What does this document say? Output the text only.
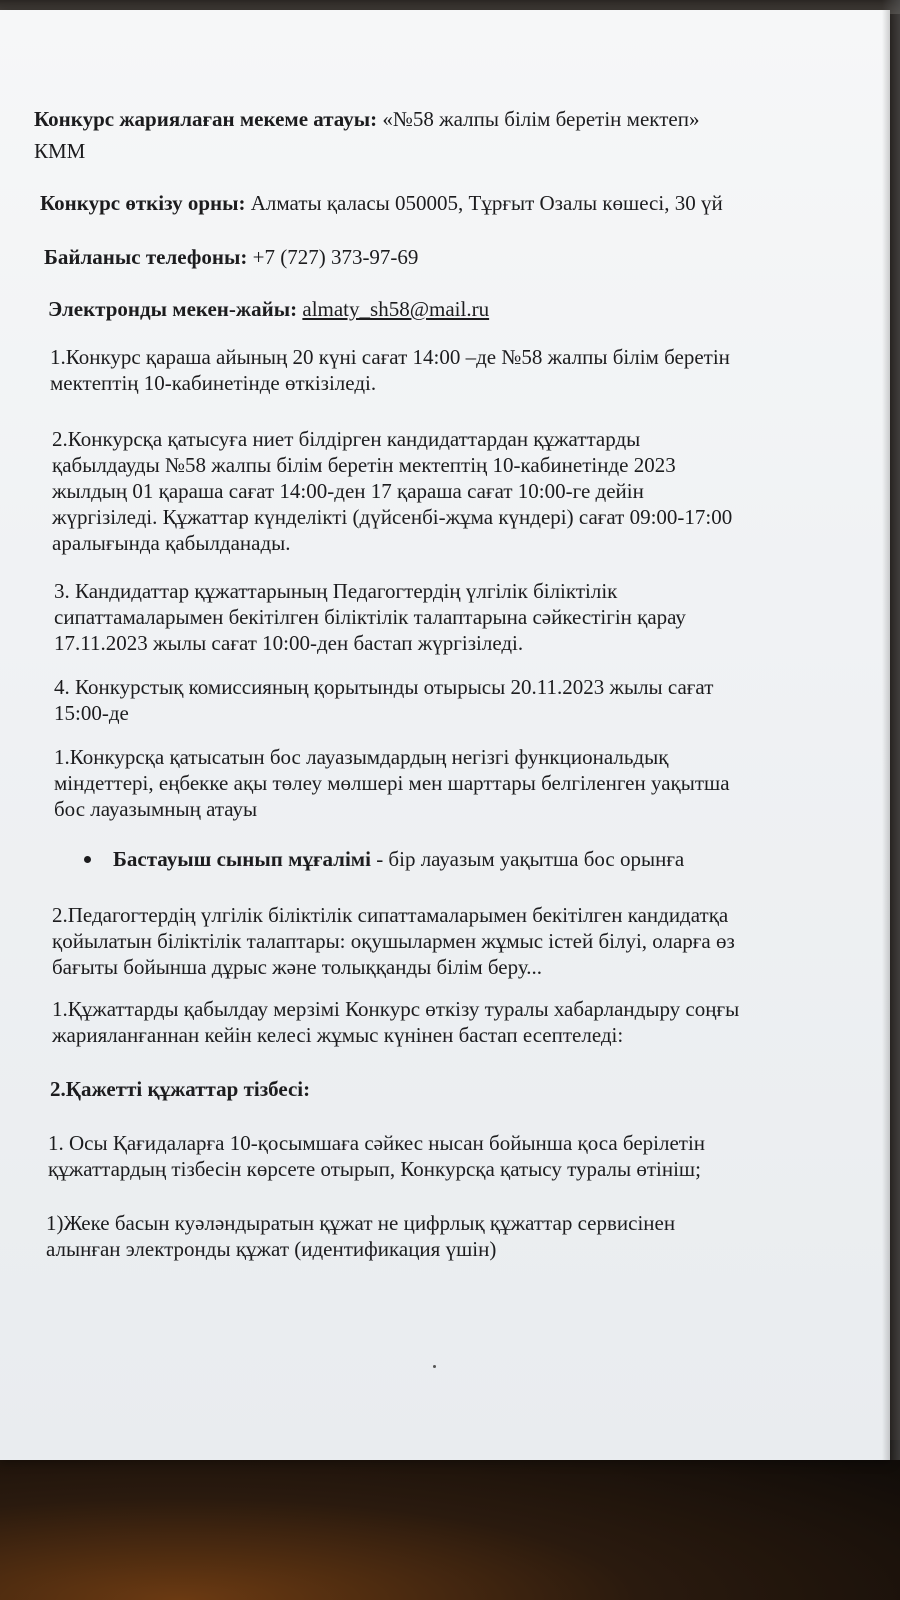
Конкурс жариялаған мекеме атауы: «№58 жалпы білім беретін мектеп»
КММ
Конкурс өткізу орны: Алматы қаласы 050005, Тұрғыт Озалы көшесі, 30 үй
Байланыс телефоны: +7 (727) 373-97-69
Электронды мекен-жайы: almaty_sh58@mail.ru
1.Конкурс қараша айының 20 күні сағат 14:00 –де №58 жалпы білім беретін
мектептің 10-кабинетінде өткізіледі.
2.Конкурсқа қатысуға ниет білдірген кандидаттардан құжаттарды
қабылдауды №58 жалпы білім беретін мектептің 10-кабинетінде 2023
жылдың 01 қараша сағат 14:00-ден 17 қараша сағат 10:00-ге дейін
жүргізіледі. Құжаттар күнделікті (дүйсенбі-жұма күндері) сағат 09:00-17:00
аралығында қабылданады.
3. Кандидаттар құжаттарының Педагогтердің үлгілік біліктілік
сипаттамаларымен бекітілген біліктілік талаптарына сәйкестігін қарау
17.11.2023 жылы сағат 10:00-ден бастап жүргізіледі.
4. Конкурстық комиссияның қорытынды отырысы 20.11.2023 жылы сағат
15:00-де
1.Конкурсқа қатысатын бос лауазымдардың негізгі функциональдық
міндеттері, еңбекке ақы төлеу мөлшері мен шарттары белгіленген уақытша
бос лауазымның атауы
Бастауыш сынып мұғалімі - бір лауазым уақытша бос орынға
2.Педагогтердің үлгілік біліктілік сипаттамаларымен бекітілген кандидатқа
қойылатын біліктілік талаптары: оқушылармен жұмыс істей білуі, оларға өз
бағыты бойынша дұрыс және толыққанды білім беру...
1.Құжаттарды қабылдау мерзімі Конкурс өткізу туралы хабарландыру соңғы
жарияланғаннан кейін келесі жұмыс күнінен бастап есептеледі:
2.Қажетті құжаттар тізбесі:
1. Осы Қағидаларға 10-қосымшаға сәйкес нысан бойынша қоса берілетін
құжаттардың тізбесін көрсете отырып, Конкурсқа қатысу туралы өтініш;
1)Жеке басын куәләндыратын құжат не цифрлық құжаттар сервисінен
алынған электронды құжат (идентификация үшін)
